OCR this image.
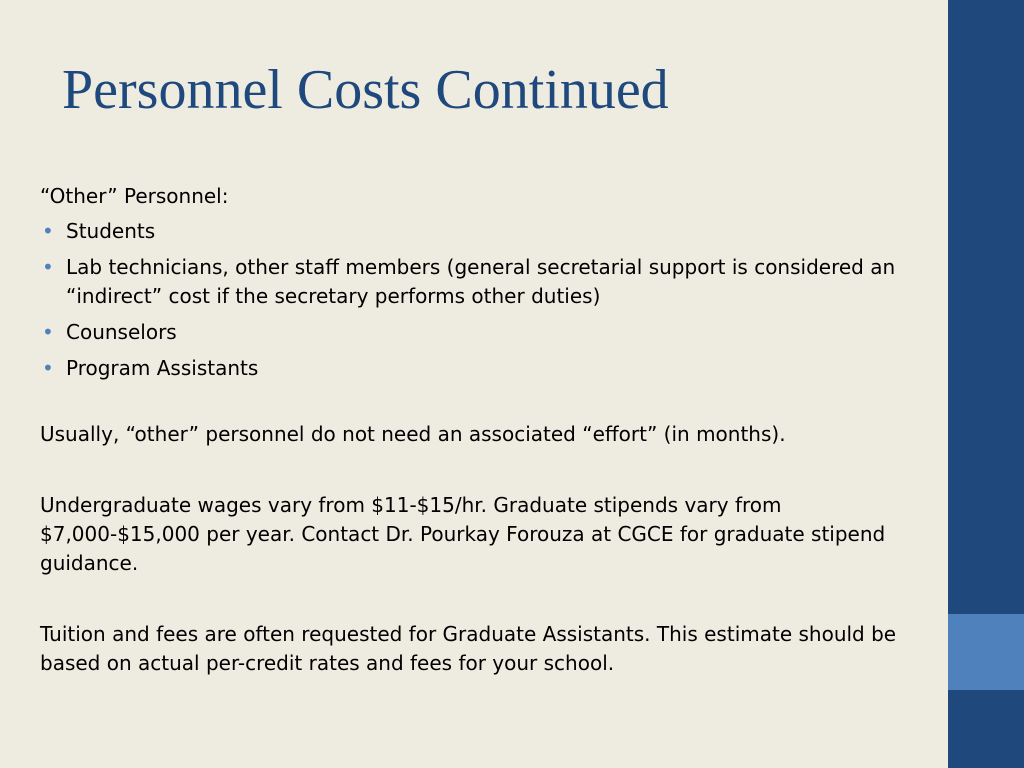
Personnel Costs Continued

“Other” Personnel:

• Students
• Lab technicians, other staff members (general secretarial support is considered an “indirect” cost if the secretary performs other duties)
• Counselors
• Program Assistants

Usually, “other” personnel do not need an associated “effort” (in months).

Undergraduate wages vary from $11-$15/hr. Graduate stipends vary from $7,000-$15,000 per year. Contact Dr. Pourkay Forouza at CGCE for graduate stipend guidance.

Tuition and fees are often requested for Graduate Assistants. This estimate should be based on actual per-credit rates and fees for your school.
